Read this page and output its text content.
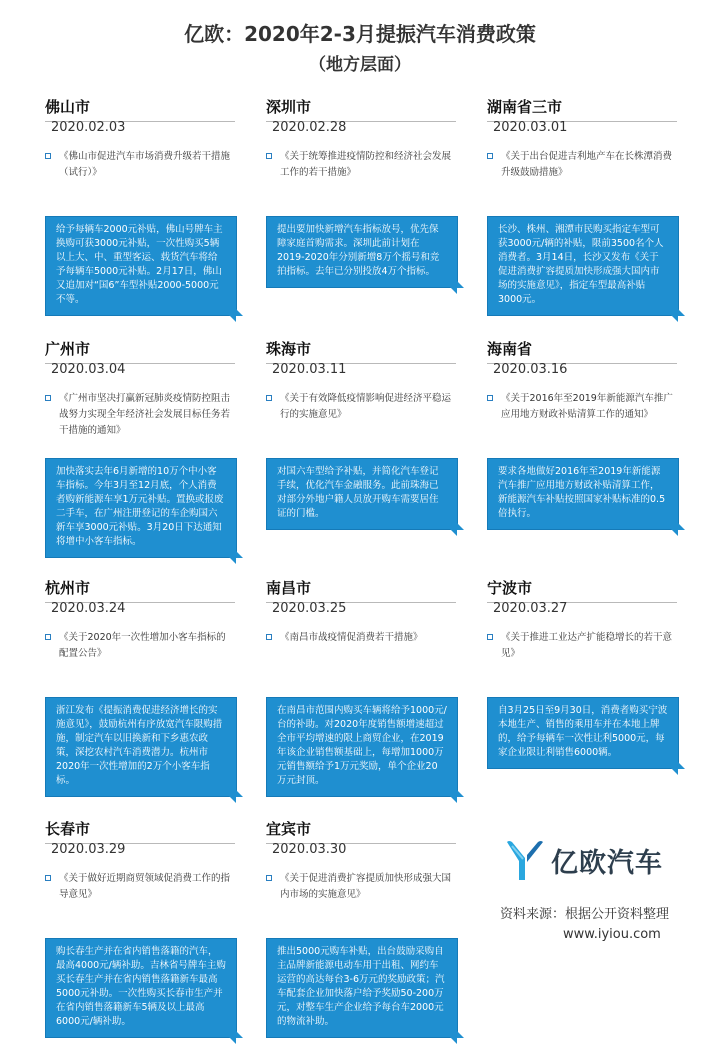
亿欧：2020年2-3月提振汽车消费政策
（地方层面）
佛山市
2020.02.03
《佛山市促进汽车市场消费升级若干措施（试行）》
给予每辆车2000元补贴，佛山号牌车主换购可获3000元补贴，一次性购买5辆以上大、中、重型客运、载货汽车将给予每辆车5000元补贴。2月17日，佛山又追加对“国6”车型补贴2000-5000元不等。
深圳市
2020.02.28
《关于统筹推进疫情防控和经济社会发展工作的若干措施》
提出要加快新增汽车指标放号，优先保障家庭首购需求。深圳此前计划在2019-2020年分别新增8万个摇号和竞拍指标。去年已分别投放4万个指标。
湖南省三市
2020.03.01
《关于出台促进吉利地产车在长株潭消费升级鼓励措施》
长沙、株州、湘潭市民购买指定车型可获3000元/辆的补贴，限前3500名个人消费者。3月14日，长沙又发布《关于促进消费扩容提质加快形成强大国内市场的实施意见》，指定车型最高补贴3000元。
广州市
2020.03.04
《广州市坚决打赢新冠肺炎疫情防控阻击战努力实现全年经济社会发展目标任务若干措施的通知》
加快落实去年6月新增的10万个中小客车指标。今年3月至12月底，个人消费者购新能源车享1万元补贴。置换或报废二手车，在广州注册登记的车企购国六新车享3000元补贴。3月20日下达通知将增中小客车指标。
珠海市
2020.03.11
《关于有效降低疫情影响促进经济平稳运行的实施意见》
对国六车型给予补贴，并简化汽车登记手续，优化汽车金融服务。此前珠海已对部分外地户籍人员放开购车需要居住证的门槛。
海南省
2020.03.16
《关于2016年至2019年新能源汽车推广应用地方财政补贴清算工作的通知》
要求各地做好2016年至2019年新能源汽车推广应用地方财政补贴清算工作，新能源汽车补贴按照国家补贴标准的0.5倍执行。
杭州市
2020.03.24
《关于2020年一次性增加小客车指标的配置公告》
浙江发布《提振消费促进经济增长的实施意见》，鼓励杭州有序放宽汽车限购措施，制定汽车以旧换新和下乡惠农政策，深挖农村汽车消费潜力。杭州市2020年一次性增加的2万个小客车指标。
南昌市
2020.03.25
《南昌市战疫情促消费若干措施》
在南昌市范围内购买车辆将给予1000元/台的补助。对2020年度销售额增速超过全市平均增速的限上商贸企业，在2019年该企业销售额基础上，每增加1000万元销售额给予1万元奖励，单个企业20万元封顶。
宁波市
2020.03.27
《关于推进工业达产扩能稳增长的若干意见》
自3月25日至9月30日，消费者购买宁波本地生产、销售的乘用车并在本地上牌的，给予每辆车一次性让利5000元，每家企业限让利销售6000辆。
长春市
2020.03.29
《关于做好近期商贸领域促消费工作的指导意见》
购长春生产并在省内销售落籍的汽车，最高4000元/辆补助。吉林省号牌车主购买长春生产并在省内销售落籍新车最高5000元补助。一次性购买长春市生产并在省内销售落籍新车5辆及以上最高6000元/辆补助。
宜宾市
2020.03.30
《关于促进消费扩容提质加快形成强大国内市场的实施意见》
推出5000元购车补贴，出台鼓励采购自主品牌新能源电动车用于出租、网约车运营的高达每台3-6万元的奖励政策；汽车配套企业加快落户给予奖励50-200万元，对整车生产企业给予每台车2000元的物流补助。
亿欧汽车
资料来源：根据公开资料整理
www.iyiou.com
